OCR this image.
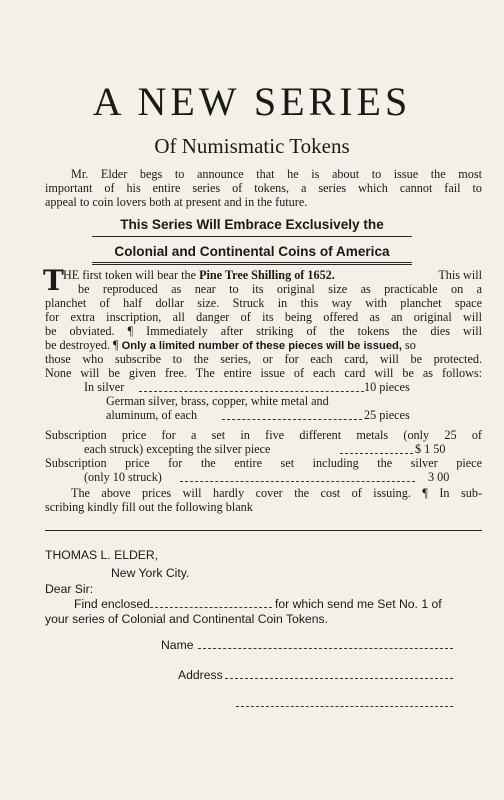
A NEW SERIES
Of Numismatic Tokens
Mr. Elder begs to announce that he is about to issue the most
important of his entire series of tokens, a series which cannot fail to
appeal to coin lovers both at present and in the future.
This Series Will Embrace Exclusively the
Colonial and Continental Coins of America
T HE first token will bear the Pine Tree Shilling of 1652.	This will
be reproduced as near to its original size as practicable on a
planchet of half dollar size. Struck in this way with planchet space
for extra inscription, all danger of its being offered as an original will
be obviated. ¶ Immediately after striking of the tokens the dies will
be destroyed. ¶ Only a limited number of these pieces will be issued, so
those who subscribe to the series, or for each card, will be protected.
None will be given free. The entire issue of each card will be as follows:
In silver	10 pieces
German silver, brass, copper, white metal and
aluminum, of each	25 pieces
Subscription price for a set in five different metals (only 25 of
each struck) excepting the silver piece	$ 1 50
Subscription price for the entire set including the silver piece
(only 10 struck)	3 00
The above prices will hardly cover the cost of issuing. ¶ In sub-
scribing kindly fill out the following blank
THOMAS L. ELDER,
New York City.
Dear Sir:
Find enclosed	for which send me Set No. 1 of
your series of Colonial and Continental Coin Tokens.
Name
Address
